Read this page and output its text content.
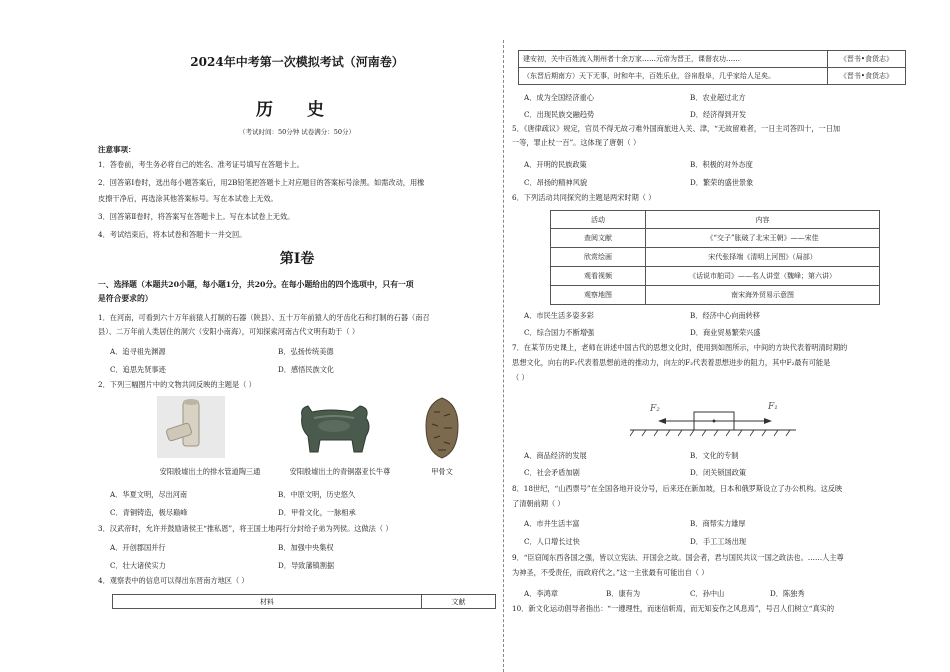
2024年中考第一次模拟考试（河南卷）
历 史
（考试时间：50分钟 试卷满分：50分）
注意事项：
1．答卷前，考生务必将自己的姓名、准考证号填写在答题卡上。
2．回答第Ⅰ卷时，选出每小题答案后，用2B铅笔把答题卡上对应题目的答案标号涂黑。如需改动，用橡
皮擦干净后，再选涂其他答案标号。写在本试卷上无效。
3．回答第Ⅱ卷时，将答案写在答题卡上。写在本试卷上无效。
4．考试结束后，将本试卷和答题卡一并交回。
第Ⅰ卷
一、选择题（本题共20小题，每小题1分，共20分。在每小题给出的四个选项中，只有一项
是符合要求的）
1．在河南，可看到六十万年前猿人打制的石器（陕县）、五十万年前猿人的牙齿化石和打制的石器（南召
县）、二万年前人类居住的洞穴（安阳小南海），可知探索河南古代文明有助于（ ）
A．追寻祖先渊源	B．弘扬传统美德
C．追思先贤事迹	D．感悟民族文化
2．下列三幅图片中的文物共同反映的主题是（ ）
安阳殷墟出土的排水管道陶三通	安阳殷墟出土的青铜器亚长牛尊	甲骨文
A．华夏文明，尽出河南	B．中原文明，历史悠久
C．青铜铸造，极尽巅峰	D．甲骨文化，一脉相承
3．汉武帝时，允许并鼓励诸侯王“推私恩”，将王国土地再行分封给子弟为列侯。这做法（ ）
A．开创郡国并行	B．加强中央集权
C．壮大诸侯实力	D．导致藩镇割据
4．观察表中的信息可以得出东晋南方地区（ ）
材料	文献
建安初，关中百姓流入荆州者十余万家……元帝为晋王，课督农功……	《晋书•食货志》
（东晋后期南方）天下无事，时和年丰，百姓乐业，谷帛殷阜，几乎家给人足矣。	《晋书•食货志》
A．成为全国经济重心	B．农业超过北方
C．出现民族交融趋势	D．经济得到开发
5．《唐律疏议》规定，官员不得无故刁难外国商旅进入关、津，“无故留难者，一日主司答四十，一日加
一等，罪止杖一百”。这体现了唐朝（ ）
A．开明的民族政策	B．积极的对外态度
C．昂扬的精神风貌	D．繁荣的盛世景象
6．下列活动共同探究的主题是两宋时期（ ）
活动	内容
查阅文献	《“交子”胀破了北宋王朝》——宋佳
欣赏绘画	宋代张择端《清明上河图》（局部）
观看视频	《话说市舶司》——名人讲堂（魏峰；第六讲）
观察地图	南宋海外贸易示意图
A．市民生活多姿多彩	B．经济中心向南转移
C．综合国力不断增强	D．商业贸易繁荣兴盛
7．在某节历史课上，老师在讲述中国古代的思想文化时，使用到如图所示，中间的方块代表着明清时期的
思想文化，向右的F₁代表着思想前进的推动力，向左的F₂代表着思想进步的阻力，其中F₂最有可能是
（ ）
F₂	F₁
A．商品经济的发展	B．文化的专制
C．社会矛盾加剧	D．闭关锁国政策
8．18世纪，“山西票号”在全国各地开设分号，后来还在新加坡，日本和俄罗斯设立了办公机构。这反映
了清朝前期（ ）
A．市井生活丰富	B．商帮实力雄厚
C．人口增长过快	D．手工工场出现
9．“臣窃闻东西各国之强，皆以立宪法、开国会之故。国会者，君与国民共议一国之政法也。……人主尊
为神圣，不受责任，而政府代之。”这一主张最有可能出自（ ）
A．李鸿章	B．康有为	C．孙中山	D．陈独秀
10．新文化运动倡导者指出：“一遵理性，而迷信斩焉，而无知妄作之风息焉”，号召人们树立“真实的
